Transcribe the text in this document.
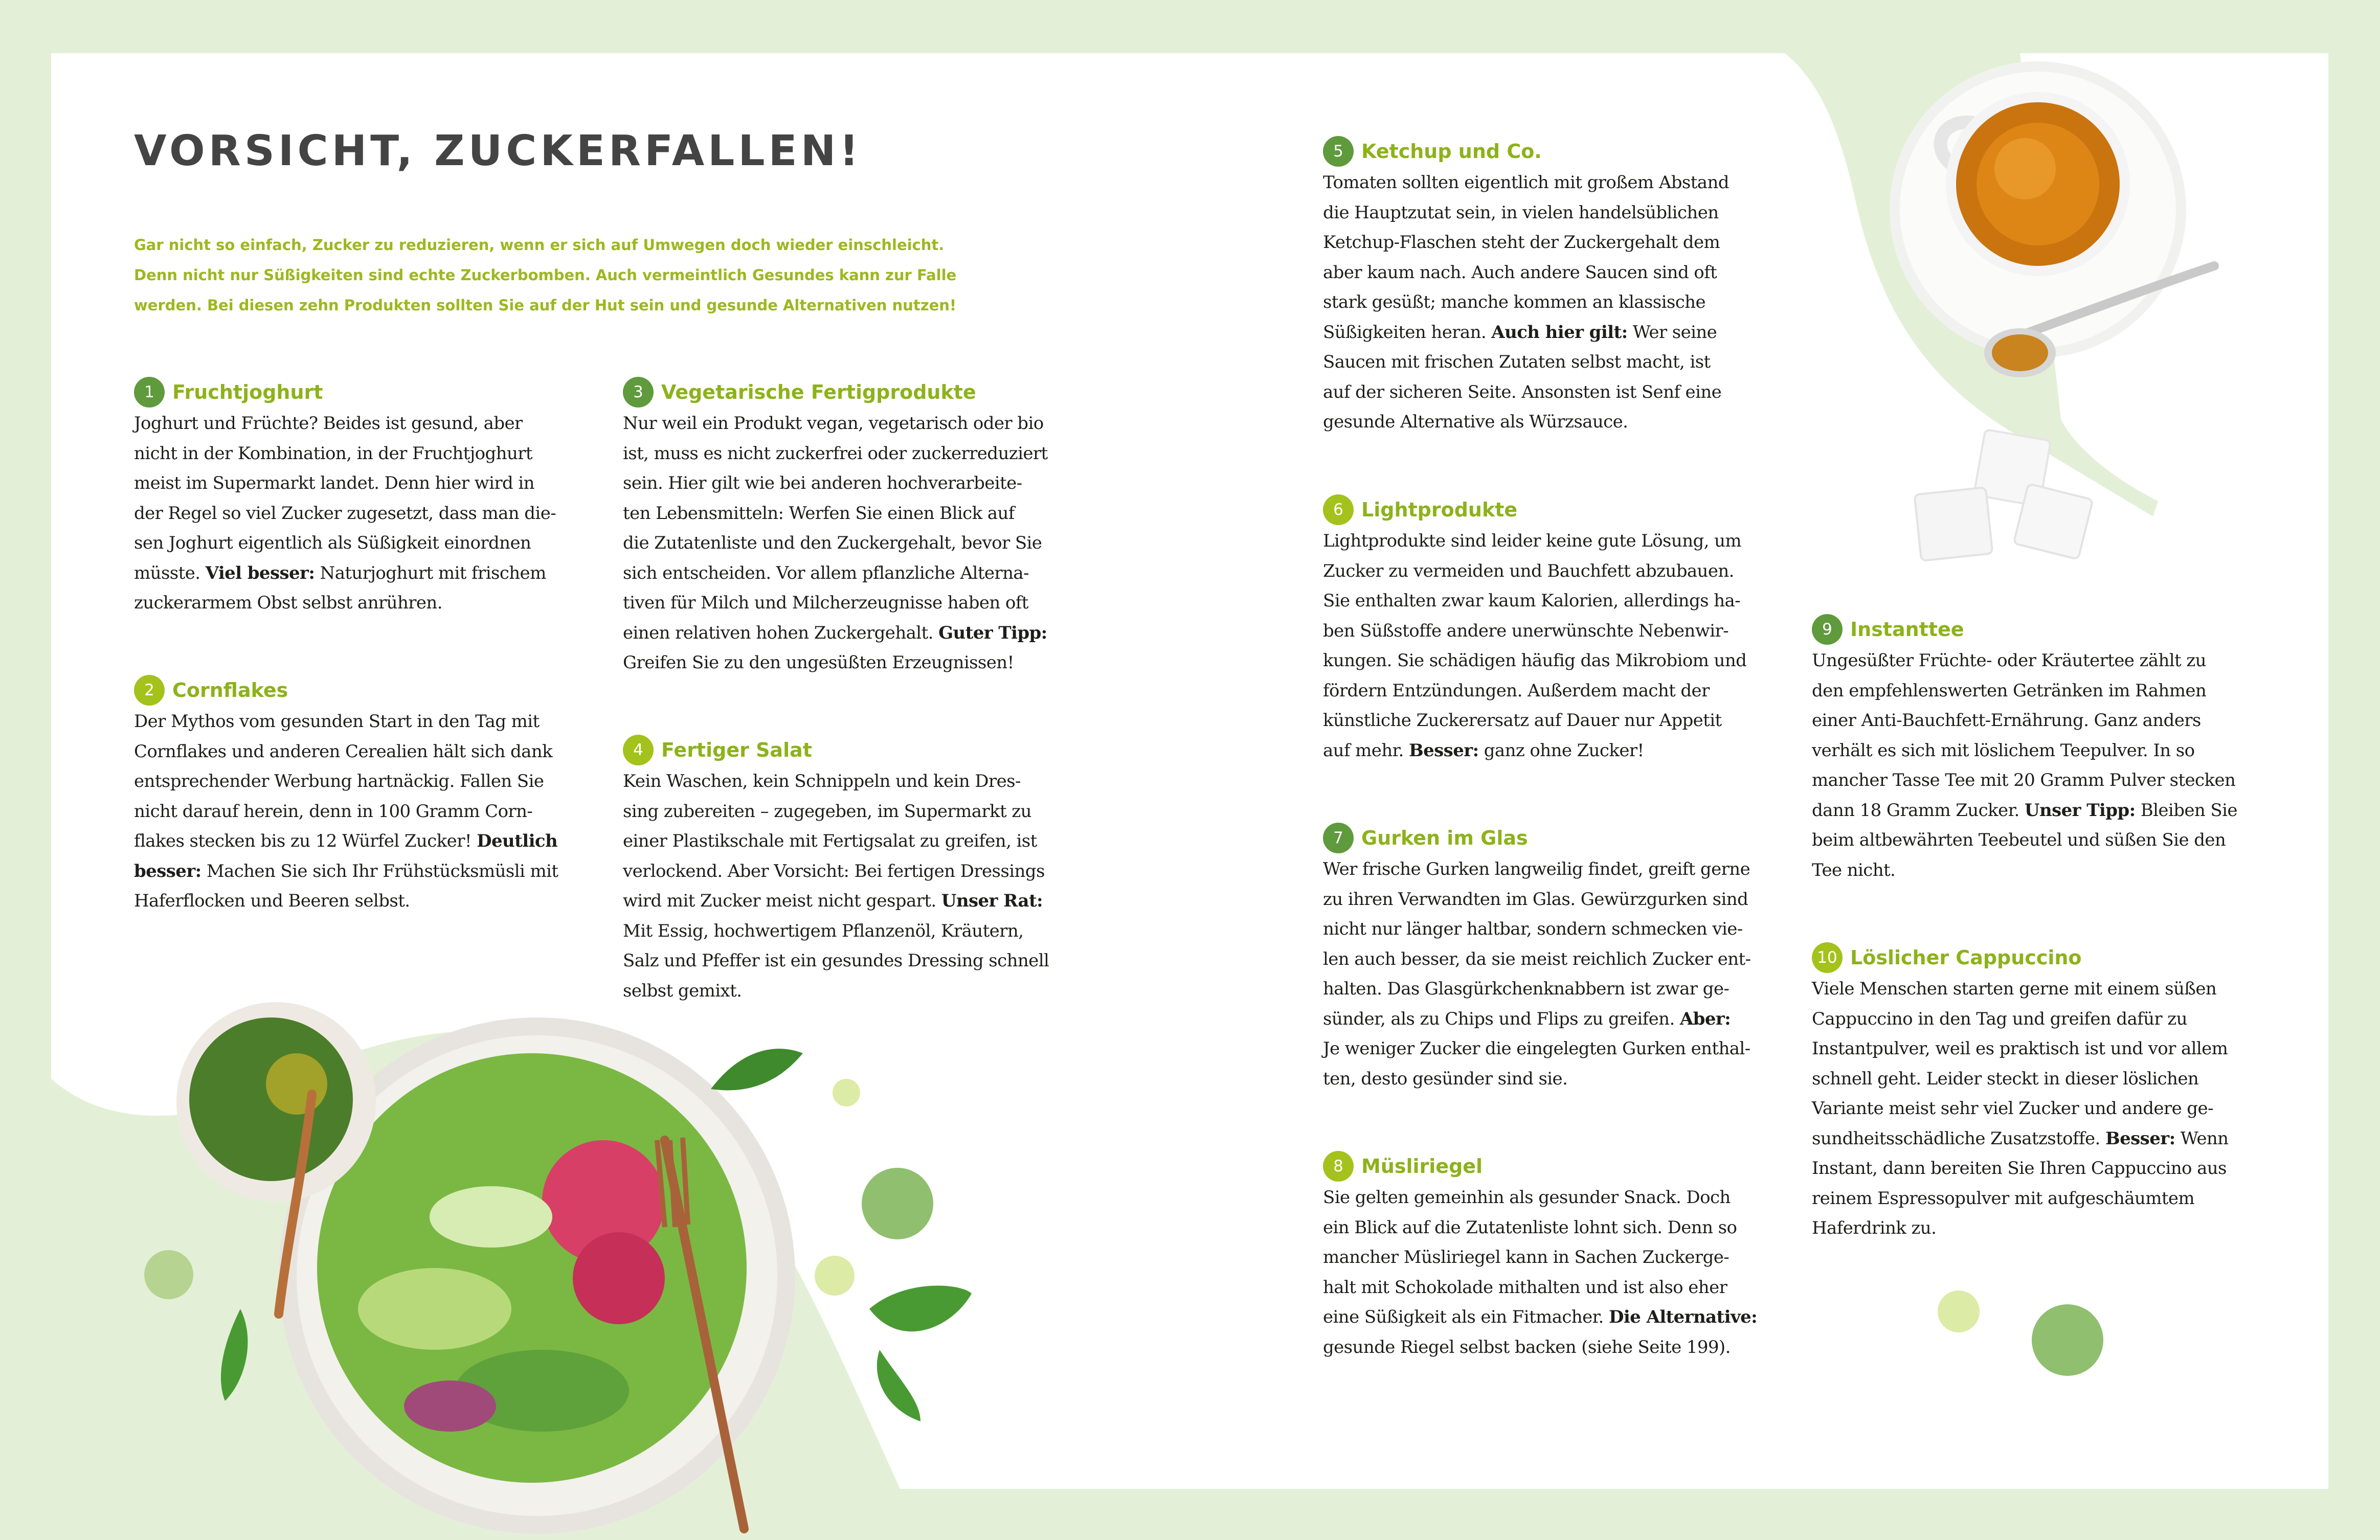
VORSICHT, ZUCKERFALLEN!

Gar nicht so einfach, Zucker zu reduzieren, wenn er sich auf Umwegen doch wieder einschleicht. Denn nicht nur Süßigkeiten sind echte Zuckerbomben. Auch vermeintlich Gesundes kann zur Falle werden. Bei diesen zehn Produkten sollten Sie auf der Hut sein und gesunde Alternativen nutzen!

1 Fruchtjoghurt

Joghurt und Früchte? Beides ist gesund, aber
nicht in der Kombination, in der Fruchtjoghurt
meist im Supermarkt landet. Denn hier wird in
der Regel so viel Zucker zugesetzt, dass man die-
sen Joghurt eigentlich als Süßigkeit einordnen
müsste. Viel besser: Naturjoghurt mit frischem
zuckerarmem Obst selbst anrühren.

2 Cornflakes

Der Mythos vom gesunden Start in den Tag mit
Cornflakes und anderen Cerealien hält sich dank
entsprechender Werbung hartnäckig. Fallen Sie
nicht darauf herein, denn in 100 Gramm Corn-
flakes stecken bis zu 12 Würfel Zucker! Deutlich
besser: Machen Sie sich Ihr Frühstücksmüsli mit
Haferflocken und Beeren selbst.

3 Vegetarische Fertigprodukte

Nur weil ein Produkt vegan, vegetarisch oder bio
ist, muss es nicht zuckerfrei oder zuckerreduziert
sein. Hier gilt wie bei anderen hochverarbeite-
ten Lebensmitteln: Werfen Sie einen Blick auf
die Zutatenliste und den Zuckergehalt, bevor Sie
sich entscheiden. Vor allem pflanzliche Alterna-
tiven für Milch und Milcherzeugnisse haben oft
einen relativen hohen Zuckergehalt. Guter Tipp:
Greifen Sie zu den ungesüßten Erzeugnissen!

4 Fertiger Salat

Kein Waschen, kein Schnippeln und kein Dres-
sing zubereiten – zugegeben, im Supermarkt zu
einer Plastikschale mit Fertigsalat zu greifen, ist
verlockend. Aber Vorsicht: Bei fertigen Dressings
wird mit Zucker meist nicht gespart. Unser Rat:
Mit Essig, hochwertigem Pflanzenöl, Kräutern,
Salz und Pfeffer ist ein gesundes Dressing schnell
selbst gemixt.

5 Ketchup und Co.

Tomaten sollten eigentlich mit großem Abstand
die Hauptzutat sein, in vielen handelsüblichen
Ketchup-Flaschen steht der Zuckergehalt dem
aber kaum nach. Auch andere Saucen sind oft
stark gesüßt; manche kommen an klassische
Süßigkeiten heran. Auch hier gilt: Wer seine
Saucen mit frischen Zutaten selbst macht, ist
auf der sicheren Seite. Ansonsten ist Senf eine
gesunde Alternative als Würzsauce.

6 Lightprodukte

Lightprodukte sind leider keine gute Lösung, um
Zucker zu vermeiden und Bauchfett abzubauen.
Sie enthalten zwar kaum Kalorien, allerdings ha-
ben Süßstoffe andere unerwünschte Nebenwir-
kungen. Sie schädigen häufig das Mikrobiom und
fördern Entzündungen. Außerdem macht der
künstliche Zuckerersatz auf Dauer nur Appetit
auf mehr. Besser: ganz ohne Zucker!

7 Gurken im Glas

Wer frische Gurken langweilig findet, greift gerne
zu ihren Verwandten im Glas. Gewürzgurken sind
nicht nur länger haltbar, sondern schmecken vie-
len auch besser, da sie meist reichlich Zucker ent-
halten. Das Glasgürkchenknabbern ist zwar ge-
sünder, als zu Chips und Flips zu greifen. Aber:
Je weniger Zucker die eingelegten Gurken enthal-
ten, desto gesünder sind sie.

8 Müsliriegel

Sie gelten gemeinhin als gesunder Snack. Doch
ein Blick auf die Zutatenliste lohnt sich. Denn so
mancher Müsliriegel kann in Sachen Zuckerge-
halt mit Schokolade mithalten und ist also eher
eine Süßigkeit als ein Fitmacher. Die Alternative:
gesunde Riegel selbst backen (siehe Seite 199).

9 Instanttee

Ungesüßter Früchte- oder Kräutertee zählt zu
den empfehlenswerten Getränken im Rahmen
einer Anti-Bauchfett-Ernährung. Ganz anders
verhält es sich mit löslichem Teepulver. In so
mancher Tasse Tee mit 20 Gramm Pulver stecken
dann 18 Gramm Zucker. Unser Tipp: Bleiben Sie
beim altbewährten Teebeutel und süßen Sie den
Tee nicht.

10 Löslicher Cappuccino

Viele Menschen starten gerne mit einem süßen
Cappuccino in den Tag und greifen dafür zu
Instantpulver, weil es praktisch ist und vor allem
schnell geht. Leider steckt in dieser löslichen
Variante meist sehr viel Zucker und andere ge-
sundheitsschädliche Zusatzstoffe. Besser: Wenn
Instant, dann bereiten Sie Ihren Cappuccino aus
reinem Espressopulver mit aufgeschäumtem
Haferdrink zu.
